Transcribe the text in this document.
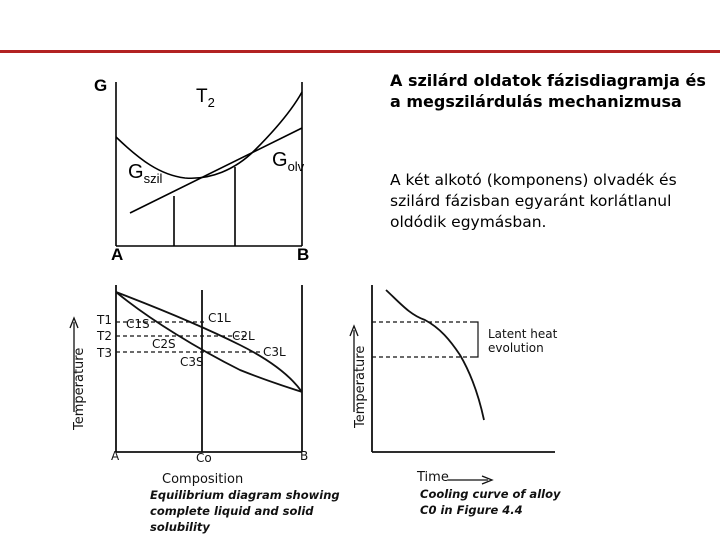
A szilárd oldatok fázisdiagramja és a megszilárdulás mechanizmusa
A két alkotó (komponens) olvadék és szilárd fázisban egyaránt korlátlanul oldódik egymásban.
G
$T_2$
$G_{szil}$
$G_{olv}$
A	B
T1
T2
T3
C1S
C2S
C3S
C1L
C2L
C3L
Temperature
A	Co	B
Composition
Equilibrium diagram showing
complete liquid and solid
solubility
Latent heat
evolution
Temperature
Time
Cooling curve of alloy
C0 in Figure 4.4
